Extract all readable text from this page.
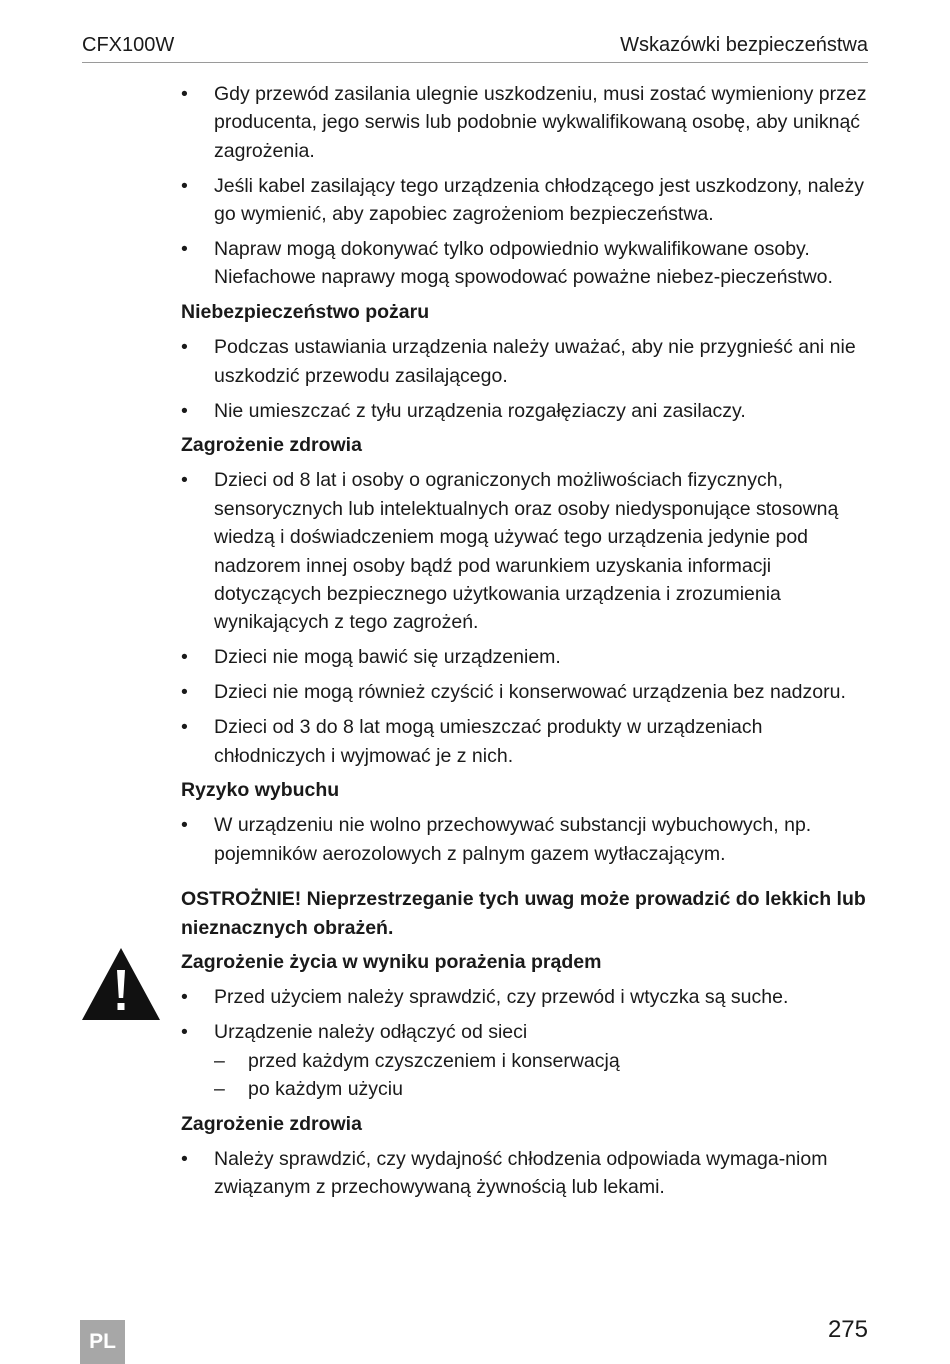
CFX100W	Wskazówki bezpieczeństwa
• Gdy przewód zasilania ulegnie uszkodzeniu, musi zostać wymieniony przez producenta, jego serwis lub podobnie wykwalifikowaną osobę, aby uniknąć zagrożenia.
• Jeśli kabel zasilający tego urządzenia chłodzącego jest uszkodzony, należy go wymienić, aby zapobiec zagrożeniom bezpieczeństwa.
• Napraw mogą dokonywać tylko odpowiednio wykwalifikowane osoby. Niefachowe naprawy mogą spowodować poważne niebez-pieczeństwo.
Niebezpieczeństwo pożaru
• Podczas ustawiania urządzenia należy uważać, aby nie przygnieść ani nie uszkodzić przewodu zasilającego.
• Nie umieszczać z tyłu urządzenia rozgałęziaczy ani zasilaczy.
Zagrożenie zdrowia
• Dzieci od 8 lat i osoby o ograniczonych możliwościach fizycznych, sensorycznych lub intelektualnych oraz osoby niedysponujące stosowną wiedzą i doświadczeniem mogą używać tego urządzenia jedynie pod nadzorem innej osoby bądź pod warunkiem uzyskania informacji dotyczących bezpiecznego użytkowania urządzenia i zrozumienia wynikających z tego zagrożeń.
• Dzieci nie mogą bawić się urządzeniem.
• Dzieci nie mogą również czyścić i konserwować urządzenia bez nadzoru.
• Dzieci od 3 do 8 lat mogą umieszczać produkty w urządzeniach chłodniczych i wyjmować je z nich.
Ryzyko wybuchu
• W urządzeniu nie wolno przechowywać substancji wybuchowych, np. pojemników aerozolowych z palnym gazem wytłaczającym.
OSTROŻNIE! Nieprzestrzeganie tych uwag może prowadzić do lekkich lub nieznacznych obrażeń.
Zagrożenie życia w wyniku porażenia prądem
• Przed użyciem należy sprawdzić, czy przewód i wtyczka są suche.
• Urządzenie należy odłączyć od sieci
– przed każdym czyszczeniem i konserwacją
– po każdym użyciu
Zagrożenie zdrowia
• Należy sprawdzić, czy wydajność chłodzenia odpowiada wymaga-niom związanym z przechowywaną żywnością lub lekami.
275
PL
